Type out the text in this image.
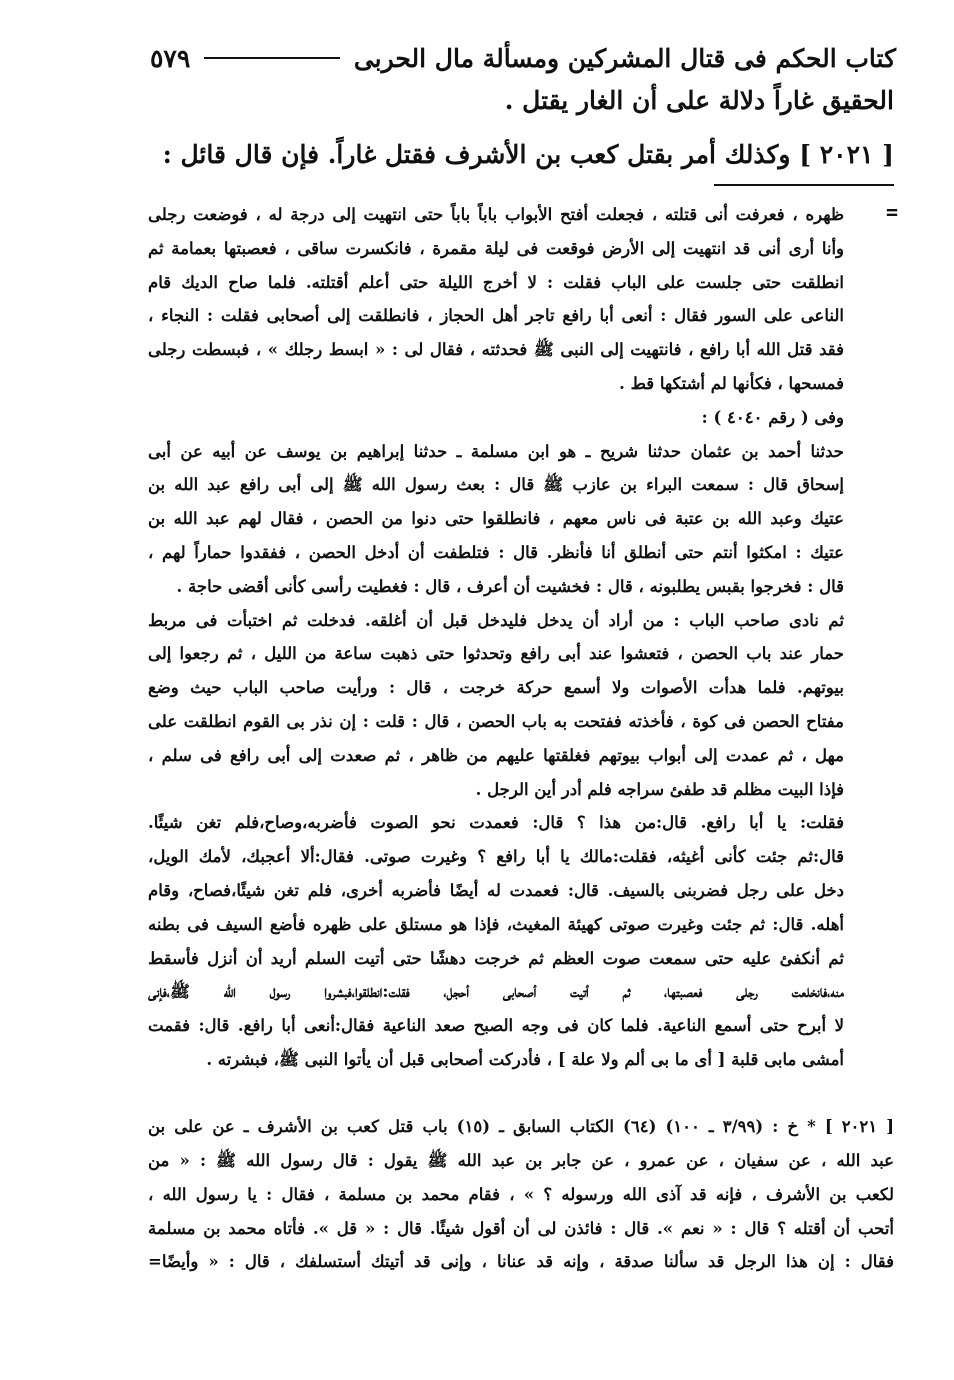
كتاب الحكم فى قتال المشركين ومسألة مال الحربى
٥٧٩
الحقيق غاراً دلالة على أن الغار يقتل .
[ ٢٠٢١ ] وكذلك أمر بقتل كعب بن الأشرف فقتل غاراً. فإن قال قائل :
=
ظهره ، فعرفت أنى قتلته ، فجعلت أفتح الأبواب باباً باباً حتى انتهيت إلى درجة له ، فوضعت رجلى
وأنا أرى أنى قد انتهيت إلى الأرض فوقعت فى ليلة مقمرة ، فانكسرت ساقى ، فعصبتها بعمامة ثم
انطلقت حتى جلست على الباب فقلت : لا أخرج الليلة حتى أعلم أقتلته. فلما صاح الديك قام
الناعى على السور فقال : أنعى أبا رافع تاجر أهل الحجاز ، فانطلقت إلى أصحابى فقلت : النجاء ،
فقد قتل الله أبا رافع ، فانتهيت إلى النبى ﷺ فحدثته ، فقال لى : « ابسط رجلك » ، فبسطت رجلى
فمسحها ، فكأنها لم أشتكها قط .
وفى ( رقم ٤٠٤٠ ) :
حدثنا أحمد بن عثمان حدثنا شريح ـ هو ابن مسلمة ـ حدثنا إبراهيم بن يوسف عن أبيه عن أبى
إسحاق قال : سمعت البراء بن عازب ﷺ قال : بعث رسول الله ﷺ إلى أبى رافع عبد الله بن
عتيك وعبد الله بن عتبة فى ناس معهم ، فانطلقوا حتى دنوا من الحصن ، فقال لهم عبد الله بن
عتيك : امكثوا أنتم حتى أنطلق أنا فأنظر. قال : فتلطفت أن أدخل الحصن ، ففقدوا حماراً لهم ،
قال : فخرجوا بقبس يطلبونه ، قال : فخشيت أن أعرف ، قال : فغطيت رأسى كأنى أقضى حاجة .
ثم نادى صاحب الباب : من أراد أن يدخل فليدخل قبل أن أغلقه. فدخلت ثم اختبأت فى مربط
حمار عند باب الحصن ، فتعشوا عند أبى رافع وتحدثوا حتى ذهبت ساعة من الليل ، ثم رجعوا إلى
بيوتهم. فلما هدأت الأصوات ولا أسمع حركة خرجت ، قال : ورأيت صاحب الباب حيث وضع
مفتاح الحصن فى كوة ، فأخذته ففتحت به باب الحصن ، قال : قلت : إن نذر بى القوم انطلقت على
مهل ، ثم عمدت إلى أبواب بيوتهم فغلقتها عليهم من ظاهر ، ثم صعدت إلى أبى رافع فى سلم ،
فإذا البيت مظلم قد طفئ سراجه فلم أدر أين الرجل .
فقلت: يا أبا رافع. قال:من هذا ؟ قال: فعمدت نحو الصوت فأضربه،وصاح،فلم تغن شيئًا.
قال:ثم جئت كأنى أغيثه، فقلت:مالك يا أبا رافع ؟ وغيرت صوتى. فقال:ألا أعجبك، لأمك الويل،
دخل على رجل فضربنى بالسيف. قال: فعمدت له أيضًا فأضربه أخرى، فلم تغن شيئًا،فصاح، وقام
أهله. قال: ثم جئت وغيرت صوتى كهيئة المغيث، فإذا هو مستلق على ظهره فأضع السيف فى بطنه
ثم أنكفئ عليه حتى سمعت صوت العظم ثم خرجت دهشًا حتى أتيت السلم أريد أن أنزل فأسقط
منه،فانخلعت رجلى فعصبتها، ثم أتيت أصحابى أحجل، فقلت:انطلقوا،فبشروا رسول الله ﷺ،فإنى
لا أبرح حتى أسمع الناعية. فلما كان فى وجه الصبح صعد الناعية فقال:أنعى أبا رافع. قال: فقمت
أمشى مابى قلبة [ أى ما بى ألم ولا علة ] ، فأدركت أصحابى قبل أن يأتوا النبى ﷺ، فبشرته .
[ ٢٠٢١ ] * خ : (٣/٩٩ ـ ١٠٠) (٦٤) الكتاب السابق ـ (١٥) باب قتل كعب بن الأشرف ـ عن على بن
عبد الله ، عن سفيان ، عن عمرو ، عن جابر بن عبد الله ﷺ يقول : قال رسول الله ﷺ : « من
لكعب بن الأشرف ، فإنه قد آذى الله ورسوله ؟ » ، فقام محمد بن مسلمة ، فقال : يا رسول الله ،
أتحب أن أقتله ؟ قال : « نعم ». قال : فائذن لى أن أقول شيئًا. قال : « قل ». فأتاه محمد بن مسلمة
فقال : إن هذا الرجل قد سألنا صدقة ، وإنه قد عنانا ، وإنى قد أتيتك أستسلفك ، قال : « وأيضًا=
